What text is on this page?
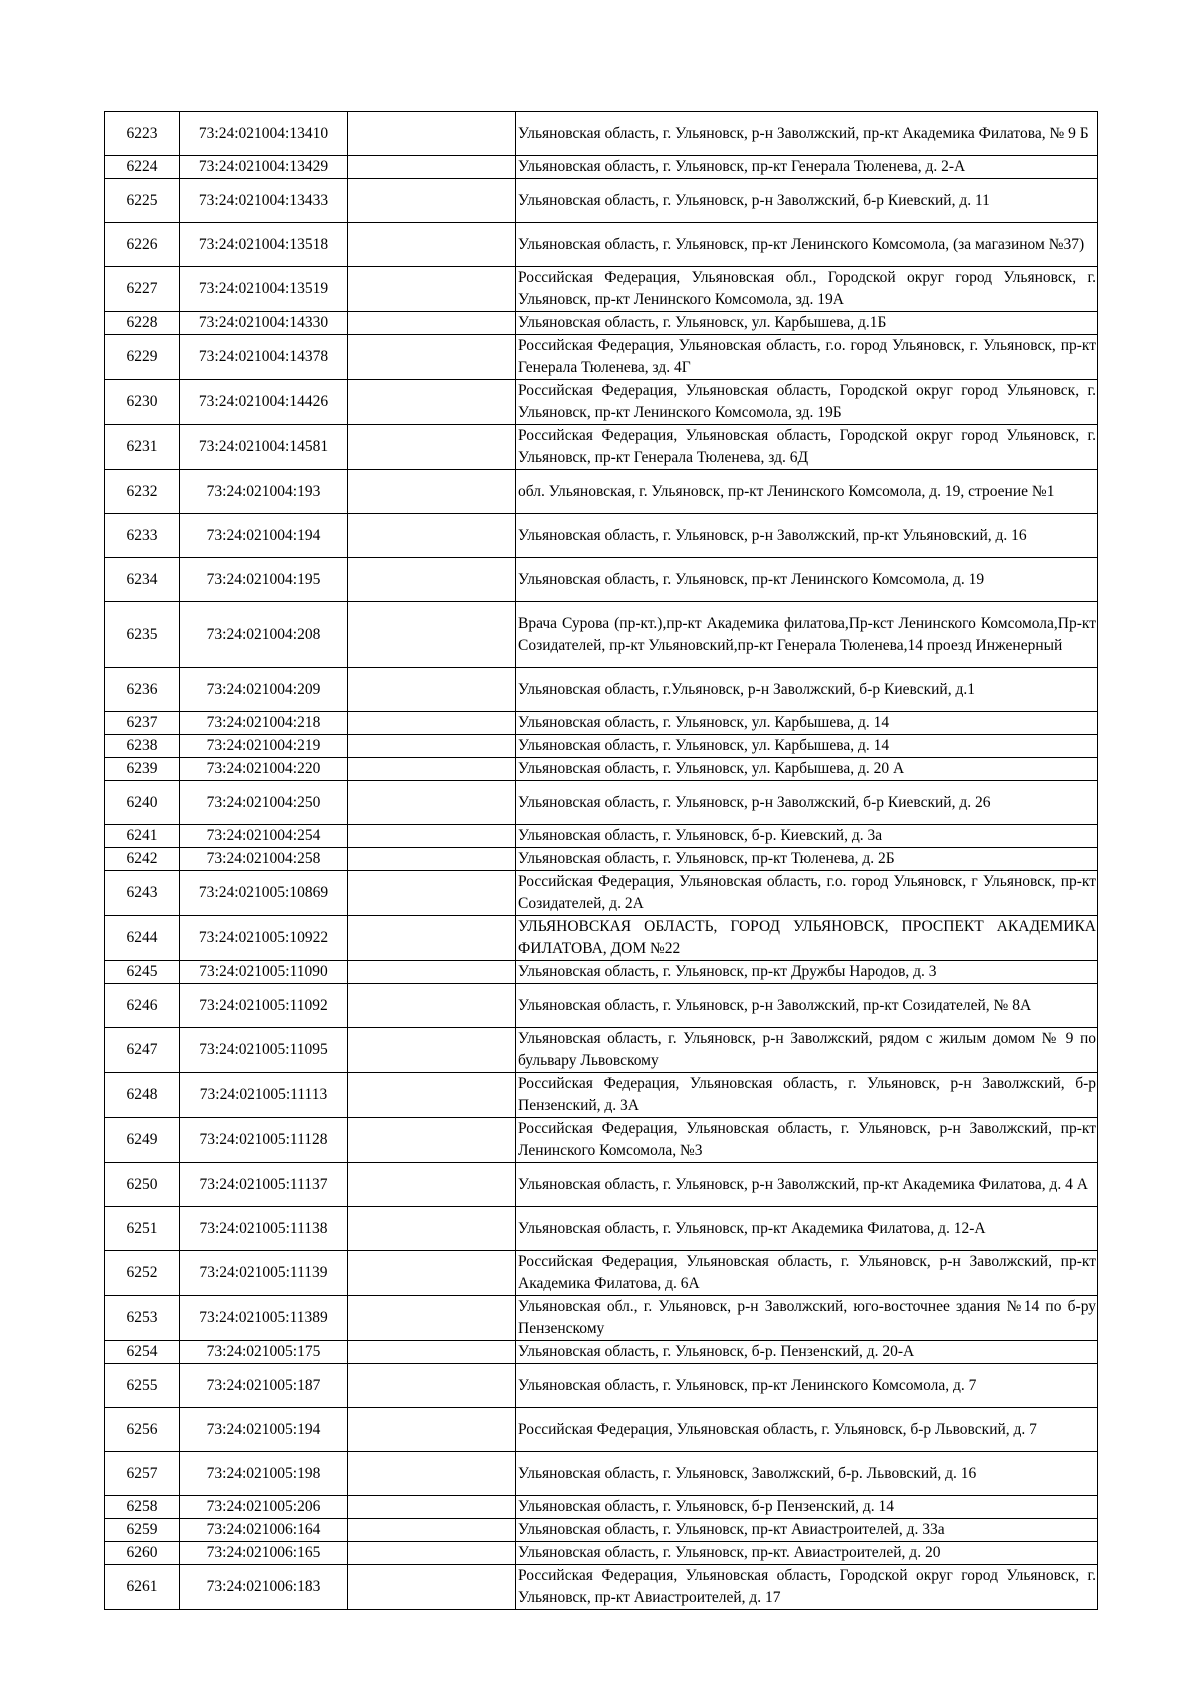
6223	73:24:021004:13410		Ульяновская область, г. Ульяновск, р-н Заволжский, пр-кт Академика Филатова, № 9 Б
6224	73:24:021004:13429		Ульяновская область, г. Ульяновск, пр-кт Генерала Тюленева, д. 2-А
6225	73:24:021004:13433		Ульяновская область, г. Ульяновск, р-н Заволжский, б-р Киевский, д. 11
6226	73:24:021004:13518		Ульяновская область, г. Ульяновск, пр-кт Ленинского Комсомола, (за магазином №37)
6227	73:24:021004:13519		Российская Федерация, Ульяновская обл., Городской округ город Ульяновск, г. Ульяновск, пр-кт Ленинского Комсомола, зд. 19А
6228	73:24:021004:14330		Ульяновская область, г. Ульяновск, ул. Карбышева, д.1Б
6229	73:24:021004:14378		Российская Федерация, Ульяновская область, г.о. город Ульяновск, г. Ульяновск, пр-кт Генерала Тюленева, зд. 4Г
6230	73:24:021004:14426		Российская Федерация, Ульяновская область, Городской округ город Ульяновск, г. Ульяновск, пр-кт Ленинского Комсомола, зд. 19Б
6231	73:24:021004:14581		Российская Федерация, Ульяновская область, Городской округ город Ульяновск, г. Ульяновск, пр-кт Генерала Тюленева, зд. 6Д
6232	73:24:021004:193		обл. Ульяновская, г. Ульяновск, пр-кт Ленинского Комсомола, д. 19, строение №1
6233	73:24:021004:194		Ульяновская область, г. Ульяновск, р-н Заволжский, пр-кт Ульяновский, д. 16
6234	73:24:021004:195		Ульяновская область, г. Ульяновск, пр-кт Ленинского Комсомола, д. 19
6235	73:24:021004:208		Врача Сурова (пр-кт.),пр-кт Академика филатова,Пр-кст Ленинского Комсомола,Пр-кт Созидателей, пр-кт Ульяновский,пр-кт Генерала Тюленева,14 проезд Инженерный
6236	73:24:021004:209		Ульяновская область, г.Ульяновск, р-н Заволжский, б-р Киевский, д.1
6237	73:24:021004:218		Ульяновская область, г. Ульяновск, ул. Карбышева, д. 14
6238	73:24:021004:219		Ульяновская область, г. Ульяновск, ул. Карбышева, д. 14
6239	73:24:021004:220		Ульяновская область, г. Ульяновск, ул. Карбышева, д. 20 А
6240	73:24:021004:250		Ульяновская область, г. Ульяновск, р-н Заволжский, б-р Киевский, д. 26
6241	73:24:021004:254		Ульяновская область, г. Ульяновск, б-р. Киевский, д. 3а
6242	73:24:021004:258		Ульяновская область, г. Ульяновск, пр-кт Тюленева, д. 2Б
6243	73:24:021005:10869		Российская Федерация, Ульяновская область, г.о. город Ульяновск, г Ульяновск, пр-кт Созидателей, д. 2А
6244	73:24:021005:10922		УЛЬЯНОВСКАЯ ОБЛАСТЬ, ГОРОД УЛЬЯНОВСК, ПРОСПЕКТ АКАДЕМИКА ФИЛАТОВА, ДОМ №22
6245	73:24:021005:11090		Ульяновская область, г. Ульяновск, пр-кт Дружбы Народов, д. 3
6246	73:24:021005:11092		Ульяновская область, г. Ульяновск, р-н Заволжский, пр-кт Созидателей, № 8А
6247	73:24:021005:11095		Ульяновская область, г. Ульяновск, р-н Заволжский, рядом с жилым домом № 9 по бульвару Львовскому
6248	73:24:021005:11113		Российская Федерация, Ульяновская область, г. Ульяновск, р-н Заволжский, б-р Пензенский, д. 3А
6249	73:24:021005:11128		Российская Федерация, Ульяновская область, г. Ульяновск, р-н Заволжский, пр-кт Ленинского Комсомола, №3
6250	73:24:021005:11137		Ульяновская область, г. Ульяновск, р-н Заволжский, пр-кт Академика Филатова, д. 4 А
6251	73:24:021005:11138		Ульяновская область, г. Ульяновск, пр-кт Академика Филатова, д. 12-А
6252	73:24:021005:11139		Российская Федерация, Ульяновская область, г. Ульяновск, р-н Заволжский, пр-кт Академика Филатова, д. 6А
6253	73:24:021005:11389		Ульяновская обл., г. Ульяновск, р-н Заволжский, юго-восточнее здания №14 по б-ру Пензенскому
6254	73:24:021005:175		Ульяновская область, г. Ульяновск, б-р. Пензенский, д. 20-А
6255	73:24:021005:187		Ульяновская область, г. Ульяновск, пр-кт Ленинского Комсомола, д. 7
6256	73:24:021005:194		Российская Федерация, Ульяновская область, г. Ульяновск, б-р Львовский, д. 7
6257	73:24:021005:198		Ульяновская область, г. Ульяновск, Заволжский, б-р. Львовский, д. 16
6258	73:24:021005:206		Ульяновская область, г. Ульяновск, б-р Пензенский, д. 14
6259	73:24:021006:164		Ульяновская область, г. Ульяновск, пр-кт Авиастроителей, д. 33а
6260	73:24:021006:165		Ульяновская область, г. Ульяновск, пр-кт. Авиастроителей, д. 20
6261	73:24:021006:183		Российская Федерация, Ульяновская область, Городской округ город Ульяновск, г. Ульяновск, пр-кт Авиастроителей, д. 17
